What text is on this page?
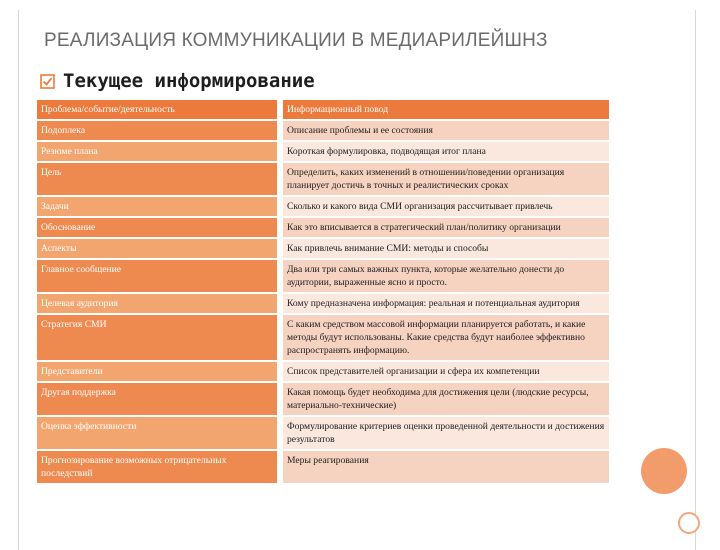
РЕАЛИЗАЦИЯ КОММУНИКАЦИИ В МЕДИАРИЛЕЙШНЗ
Текущее информирование
Проблема/событие/деятельность		Информационный повод
Подоплека		Описание проблемы и ее состояния
Резюме плана		Короткая формулировка, подводящая итог плана
Цель		Определить, каких изменений в отношении/поведении организация планирует достичь в точных и реалистических сроках
Задачи		Сколько и какого вида СМИ организация рассчитывает привлечь
Обоснование		Как это вписывается в стратегический план/политику организации
Аспекты		Как привлечь внимание СМИ: методы и способы
Главное сообщение		Два или три самых важных пункта, которые желательно донести до аудитории, выраженные ясно и просто.
Целевая аудитория		Кому предназначена информация: реальная и потенциальная аудитория
Стратегия СМИ		С каким средством массовой информации планируется работать, и какие методы будут использованы. Какие средства будут наиболее эффективно распространять информацию.
Представители		Список представителей организации и сфера их компетенции
Другая поддержка		Какая помощь будет необходима для достижения цели (людские ресурсы, материально-технические)
Оценка эффективности		Формулирование критериев оценки проведенной деятельности и достижения результатов
Прогнозирование возможных отрицательных последствий		Меры реагирования
